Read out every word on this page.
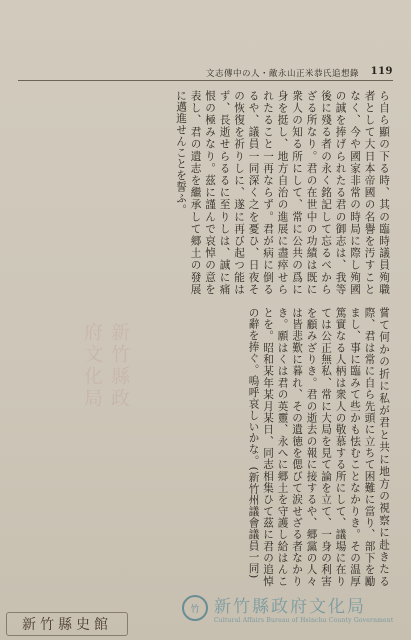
文志傳中の人・敵永山正米恭氏追想錄 119
ら自ら顯の下る時、其の臨時議員殉職者として大日本帝國の名譽を汚すことなく、今や國家非常の時局に際し殉國の誠を捧げられたる君の御志は、我等後に殘る者の永く銘記して忘るべからざる所なり。君の在世中の功績は既に衆人の知る所にして、常に公共の爲に身を挺し、地方自治の進展に盡瘁せられたること一再ならず。君が病に倒るるや、議員一同深く之を憂ひ、日夜その恢復を祈りしに、遂に再び起つ能はず、長逝せらるるに至りしは、誠に痛恨の極みなり。茲に謹んで哀悼の意を表し、君の遺志を繼承して郷土の發展に邁進せんことを誓ふ。
新竹縣政府文化局	嘗て何かの折に私が君と共に地方の視察に赴きたる際、君は常に自ら先頭に立ちて困難に當り、部下を勵まし、事に臨みて些かも怯むことなかりき。その温厚篤實なる人柄は衆人の敬慕する所にして、議場に在りては公正無私、常に大局を見て論を立て、一身の利害を顧みざりき。君の逝去の報に接するや、郷黨の人々は皆悲歎に暮れ、その遺徳を偲びて涙せざる者なかりき。願はくは君の英靈、永へに郷土を守護し給はんことを。昭和某年某月某日、同志相集ひて茲に君の追悼の辭を捧ぐ。嗚呼哀しいかな。(新竹州議會議員一同)
竹 新竹縣政府文化局
Cultural Affairs Bureau of Hsinchu County Government
新竹縣史館
